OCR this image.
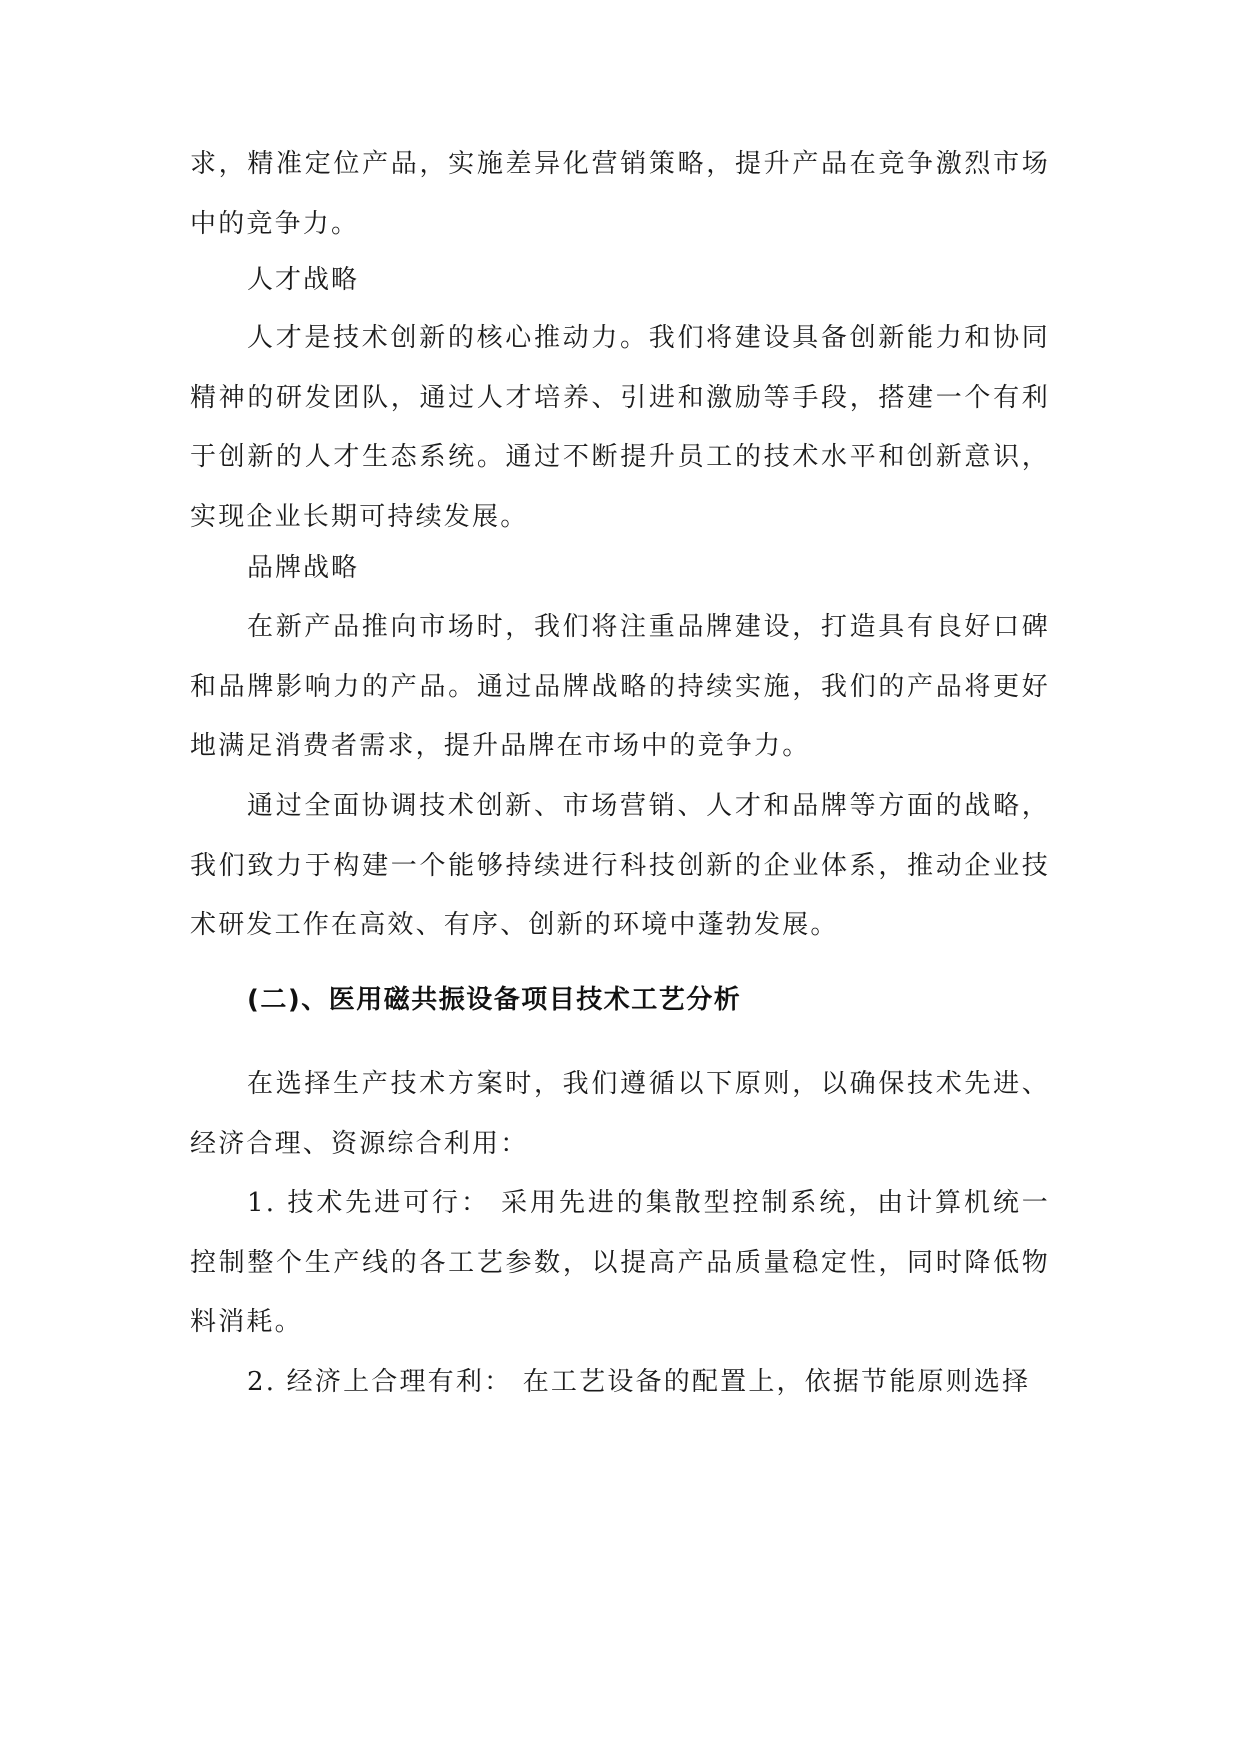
求，精准定位产品，实施差异化营销策略，提升产品在竞争激烈市场中的竞争力。

人才战略

人才是技术创新的核心推动力。我们将建设具备创新能力和协同精神的研发团队，通过人才培养、引进和激励等手段，搭建一个有利于创新的人才生态系统。通过不断提升员工的技术水平和创新意识，实现企业长期可持续发展。

品牌战略

在新产品推向市场时，我们将注重品牌建设，打造具有良好口碑和品牌影响力的产品。通过品牌战略的持续实施，我们的产品将更好地满足消费者需求，提升品牌在市场中的竞争力。

通过全面协调技术创新、市场营销、人才和品牌等方面的战略，我们致力于构建一个能够持续进行科技创新的企业体系，推动企业技术研发工作在高效、有序、创新的环境中蓬勃发展。

(二)、医用磁共振设备项目技术工艺分析

在选择生产技术方案时，我们遵循以下原则，以确保技术先进、经济合理、资源综合利用：

1. 技术先进可行： 采用先进的集散型控制系统，由计算机统一控制整个生产线的各工艺参数，以提高产品质量稳定性，同时降低物料消耗。

2. 经济上合理有利： 在工艺设备的配置上，依据节能原则选择
